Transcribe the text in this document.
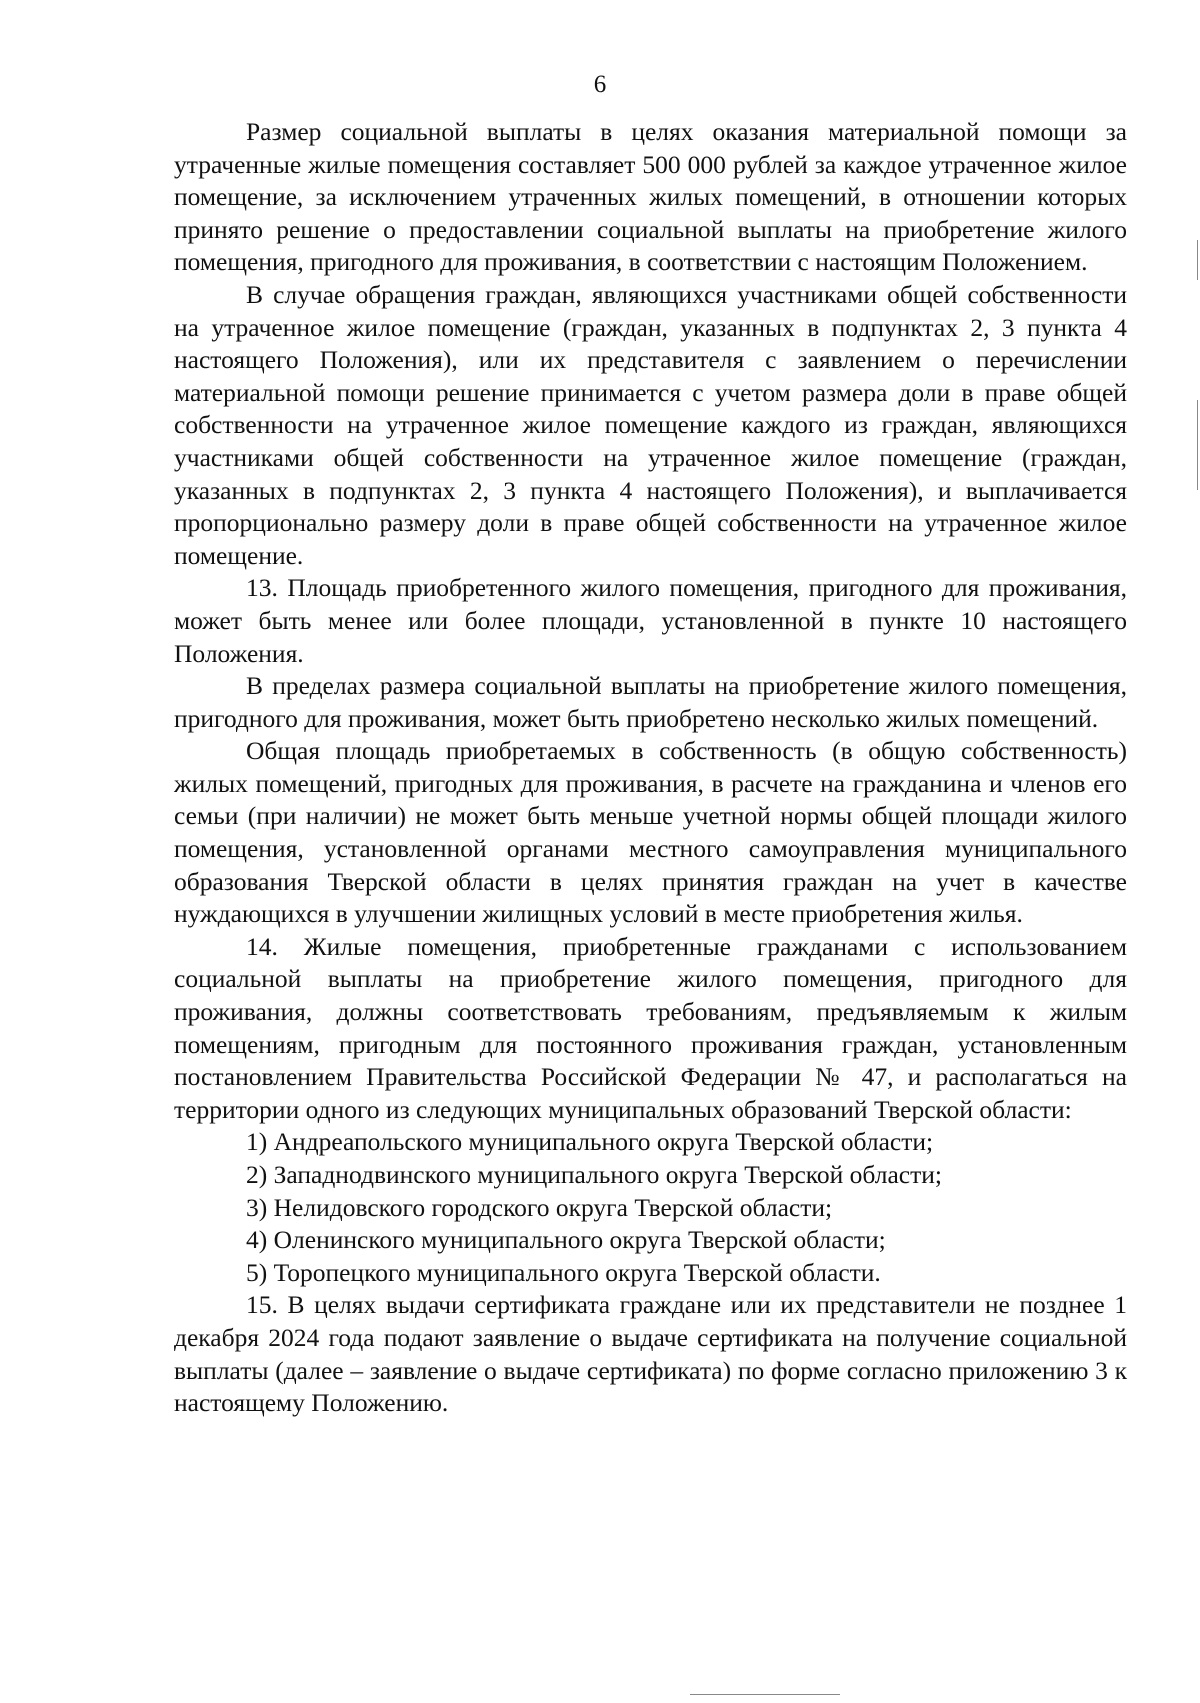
6

Размер социальной выплаты в целях оказания материальной помощи за утраченные жилые помещения составляет 500 000 рублей за каждое утраченное жилое помещение, за исключением утраченных жилых помещений, в отношении которых принято решение о предоставлении социальной выплаты на приобретение жилого помещения, пригодного для проживания, в соответствии с настоящим Положением.

В случае обращения граждан, являющихся участниками общей собственности на утраченное жилое помещение (граждан, указанных в подпунктах 2, 3 пункта 4 настоящего Положения), или их представителя с заявлением о перечислении материальной помощи решение принимается с учетом размера доли в праве общей собственности на утраченное жилое помещение каждого из граждан, являющихся участниками общей собственности на утраченное жилое помещение (граждан, указанных в подпунктах 2, 3 пункта 4 настоящего Положения), и выплачивается пропорционально размеру доли в праве общей собственности на утраченное жилое помещение.

13. Площадь приобретенного жилого помещения, пригодного для проживания, может быть менее или более площади, установленной в пункте 10 настоящего Положения.

В пределах размера социальной выплаты на приобретение жилого помещения, пригодного для проживания, может быть приобретено несколько жилых помещений.

Общая площадь приобретаемых в собственность (в общую собственность) жилых помещений, пригодных для проживания, в расчете на гражданина и членов его семьи (при наличии) не может быть меньше учетной нормы общей площади жилого помещения, установленной органами местного самоуправления муниципального образования Тверской области в целях принятия граждан на учет в качестве нуждающихся в улучшении жилищных условий в месте приобретения жилья.

14. Жилые помещения, приобретенные гражданами с использованием социальной выплаты на приобретение жилого помещения, пригодного для проживания, должны соответствовать требованиям, предъявляемым к жилым помещениям, пригодным для постоянного проживания граждан, установленным постановлением Правительства Российской Федерации № 47, и располагаться на территории одного из следующих муниципальных образований Тверской области:

1) Андреапольского муниципального округа Тверской области;

2) Западнодвинского муниципального округа Тверской области;

3) Нелидовского городского округа Тверской области;

4) Оленинского муниципального округа Тверской области;

5) Торопецкого муниципального округа Тверской области.

15. В целях выдачи сертификата граждане или их представители не позднее 1 декабря 2024 года подают заявление о выдаче сертификата на получение социальной выплаты (далее – заявление о выдаче сертификата) по форме согласно приложению 3 к настоящему Положению.
